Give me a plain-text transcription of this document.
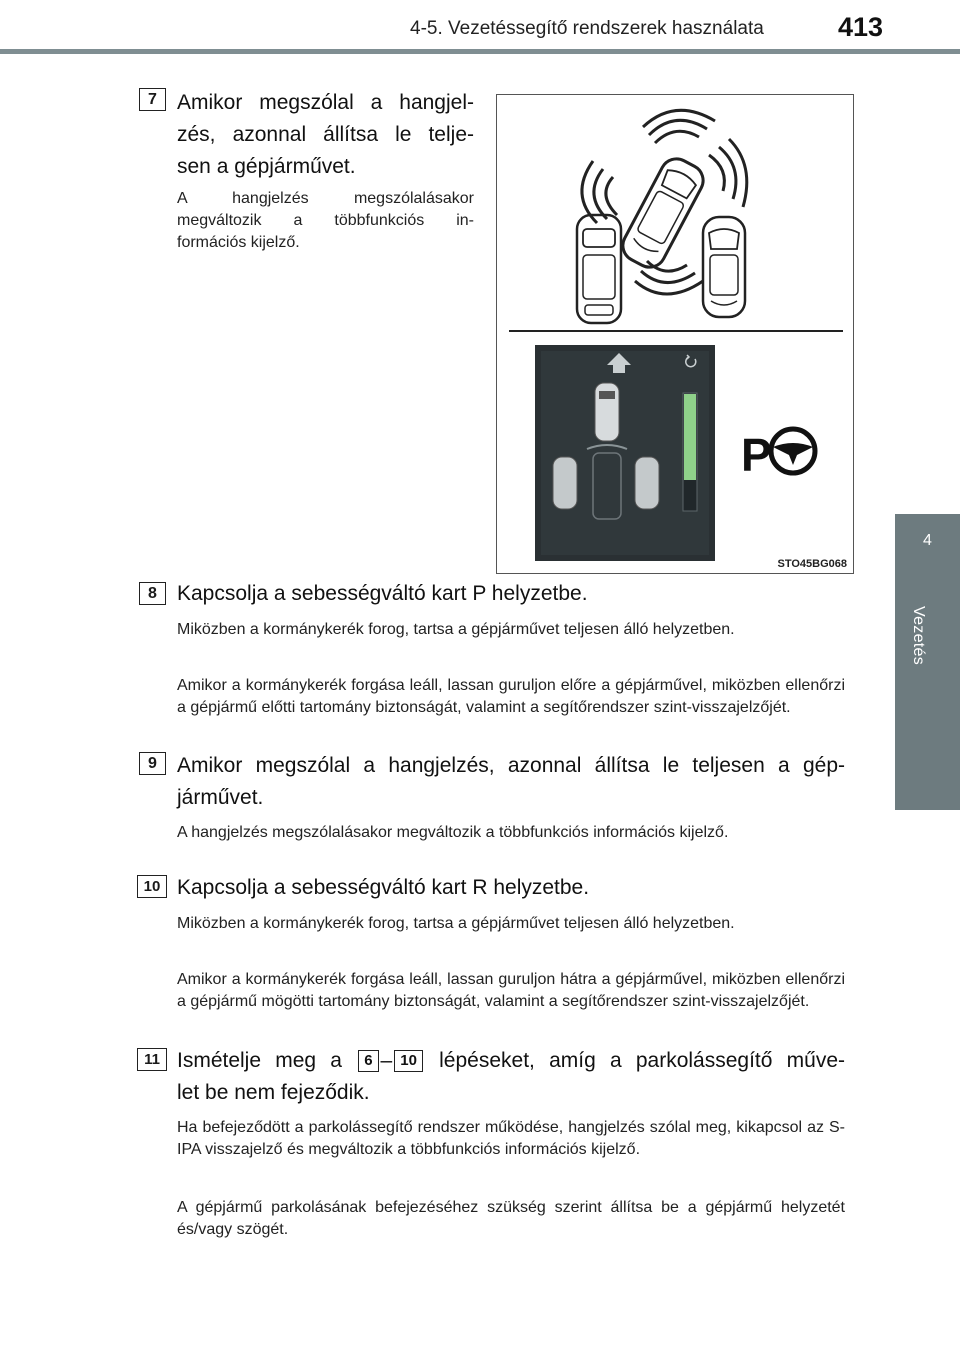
4-5. Vezetéssegítő rendszerek használata	413
4
Vezetés
7 Amikor megszólal a hangjel-
zés, azonnal állítsa le telje-
sen a gépjárművet.
A hangjelzés megszólalásakor
megváltozik a többfunkciós in-
formációs kijelző.
P
STO45BG068
8 Kapcsolja a sebességváltó kart P helyzetbe.
Miközben a kormánykerék forog, tartsa a gépjárművet teljesen álló helyzetben.
Amikor a kormánykerék forgása leáll, lassan guruljon előre a gépjárművel, miközben ellenőrzi a gépjármű előtti tartomány biztonságát, valamint a segítőrendszer szint-visszajelzőjét.
9 Amikor megszólal a hangjelzés, azonnal állítsa le teljesen a gép-
járművet.
A hangjelzés megszólalásakor megváltozik a többfunkciós információs kijelző.
10 Kapcsolja a sebességváltó kart R helyzetbe.
Miközben a kormánykerék forog, tartsa a gépjárművet teljesen álló helyzetben.
Amikor a kormánykerék forgása leáll, lassan guruljon hátra a gépjárművel, miközben ellenőrzi a gépjármű mögötti tartomány biztonságát, valamint a segítőrendszer szint-visszajelzőjét.
11 Ismételje meg a 6 – 10 lépéseket, amíg a parkolássegítő műve-
let be nem fejeződik.
Ha befejeződött a parkolássegítő rendszer működése, hangjelzés szólal meg, kikapcsol az S-IPA visszajelző és megváltozik a többfunkciós információs kijelző.
A gépjármű parkolásának befejezéséhez szükség szerint állítsa be a gépjármű helyzetét és/vagy szögét.
